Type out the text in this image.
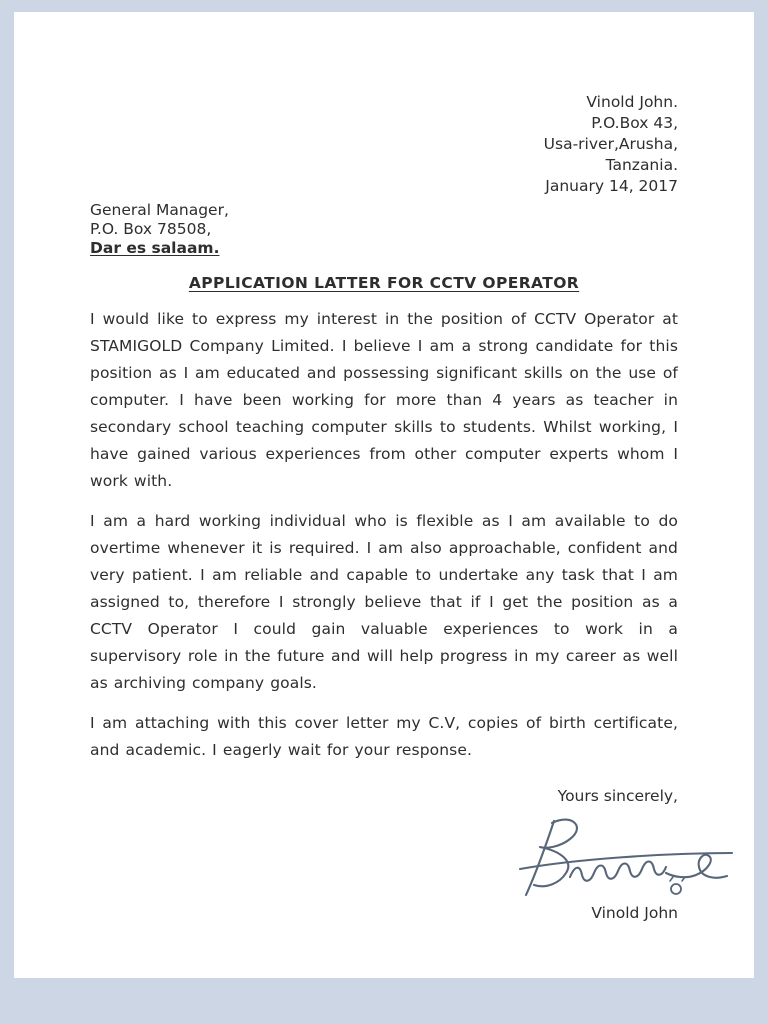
Vinold John.
P.O.Box 43,
Usa-river,Arusha,
Tanzania.
January 14, 2017
General Manager,
P.O. Box 78508,
Dar es salaam.
APPLICATION LATTER FOR CCTV OPERATOR

I would like to express my interest in the position of CCTV Operator at STAMIGOLD Company Limited. I believe I am a strong candidate for this position as I am educated and possessing significant skills on the use of computer. I have been working for more than 4 years as teacher in secondary school teaching computer skills to students. Whilst working, I have gained various experiences from other computer experts whom I work with.

I am a hard working individual who is flexible as I am available to do overtime whenever it is required. I am also approachable, confident and very patient. I am reliable and capable to undertake any task that I am assigned to, therefore I strongly believe that if I get the position as a CCTV Operator I could gain valuable experiences to work in a supervisory role in the future and will help progress in my career as well as archiving company goals.

I am attaching with this cover letter my C.V, copies of birth certificate, and academic. I eagerly wait for your response.

Yours sincerely,
Vinold John
